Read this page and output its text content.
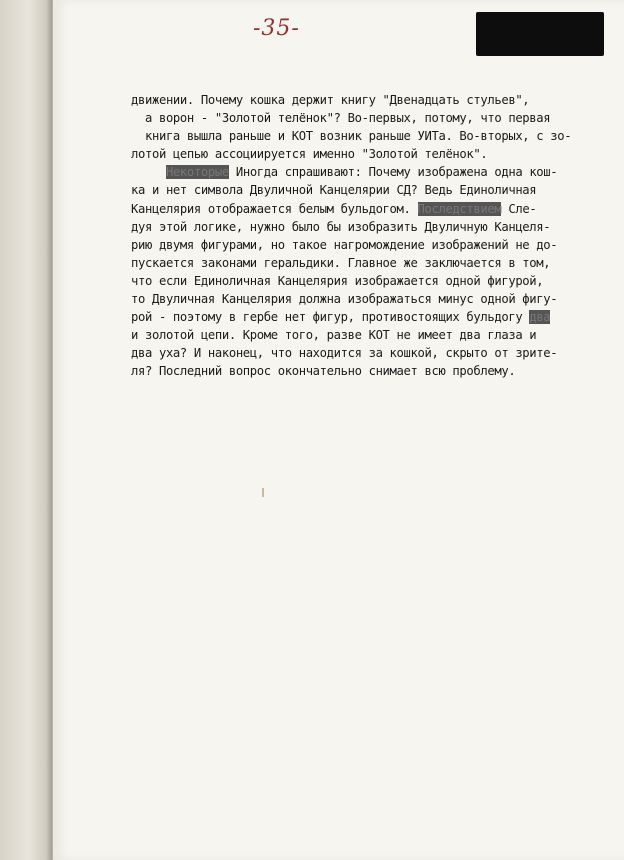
-35-
движении. Почему кошка держит книгу "Двенадцать стульев",
а ворон - "Золотой телёнок"? Во-первых, потому, что первая
книга вышла раньше и КОТ возник раньше УИТа. Во-вторых, с зо-
лотой цепью ассоциируется именно "Золотой телёнок".
Некоторые Иногда спрашивают: Почему изображена одна кош-
ка и нет символа Двуличной Канцелярии СД? Ведь Единоличная
Канцелярия отображается белым бульдогом. Последствием Сле-
дуя этой логике, нужно было бы изобразить Двуличную Канцеля-
рию двумя фигурами, но такое нагромождение изображений не до-
пускается законами геральдики. Главное же заключается в том,
что если Единоличная Канцелярия изображается одной фигурой,
то Двуличная Канцелярия должна изображаться минус одной фигу-
рой - поэтому в гербе нет фигур, противостоящих бульдогу два
и золотой цепи. Кроме того, разве КОТ не имеет два глаза и
два уха? И наконец, что находится за кошкой, скрыто от зрите-
ля? Последний вопрос окончательно снимает всю проблему.
